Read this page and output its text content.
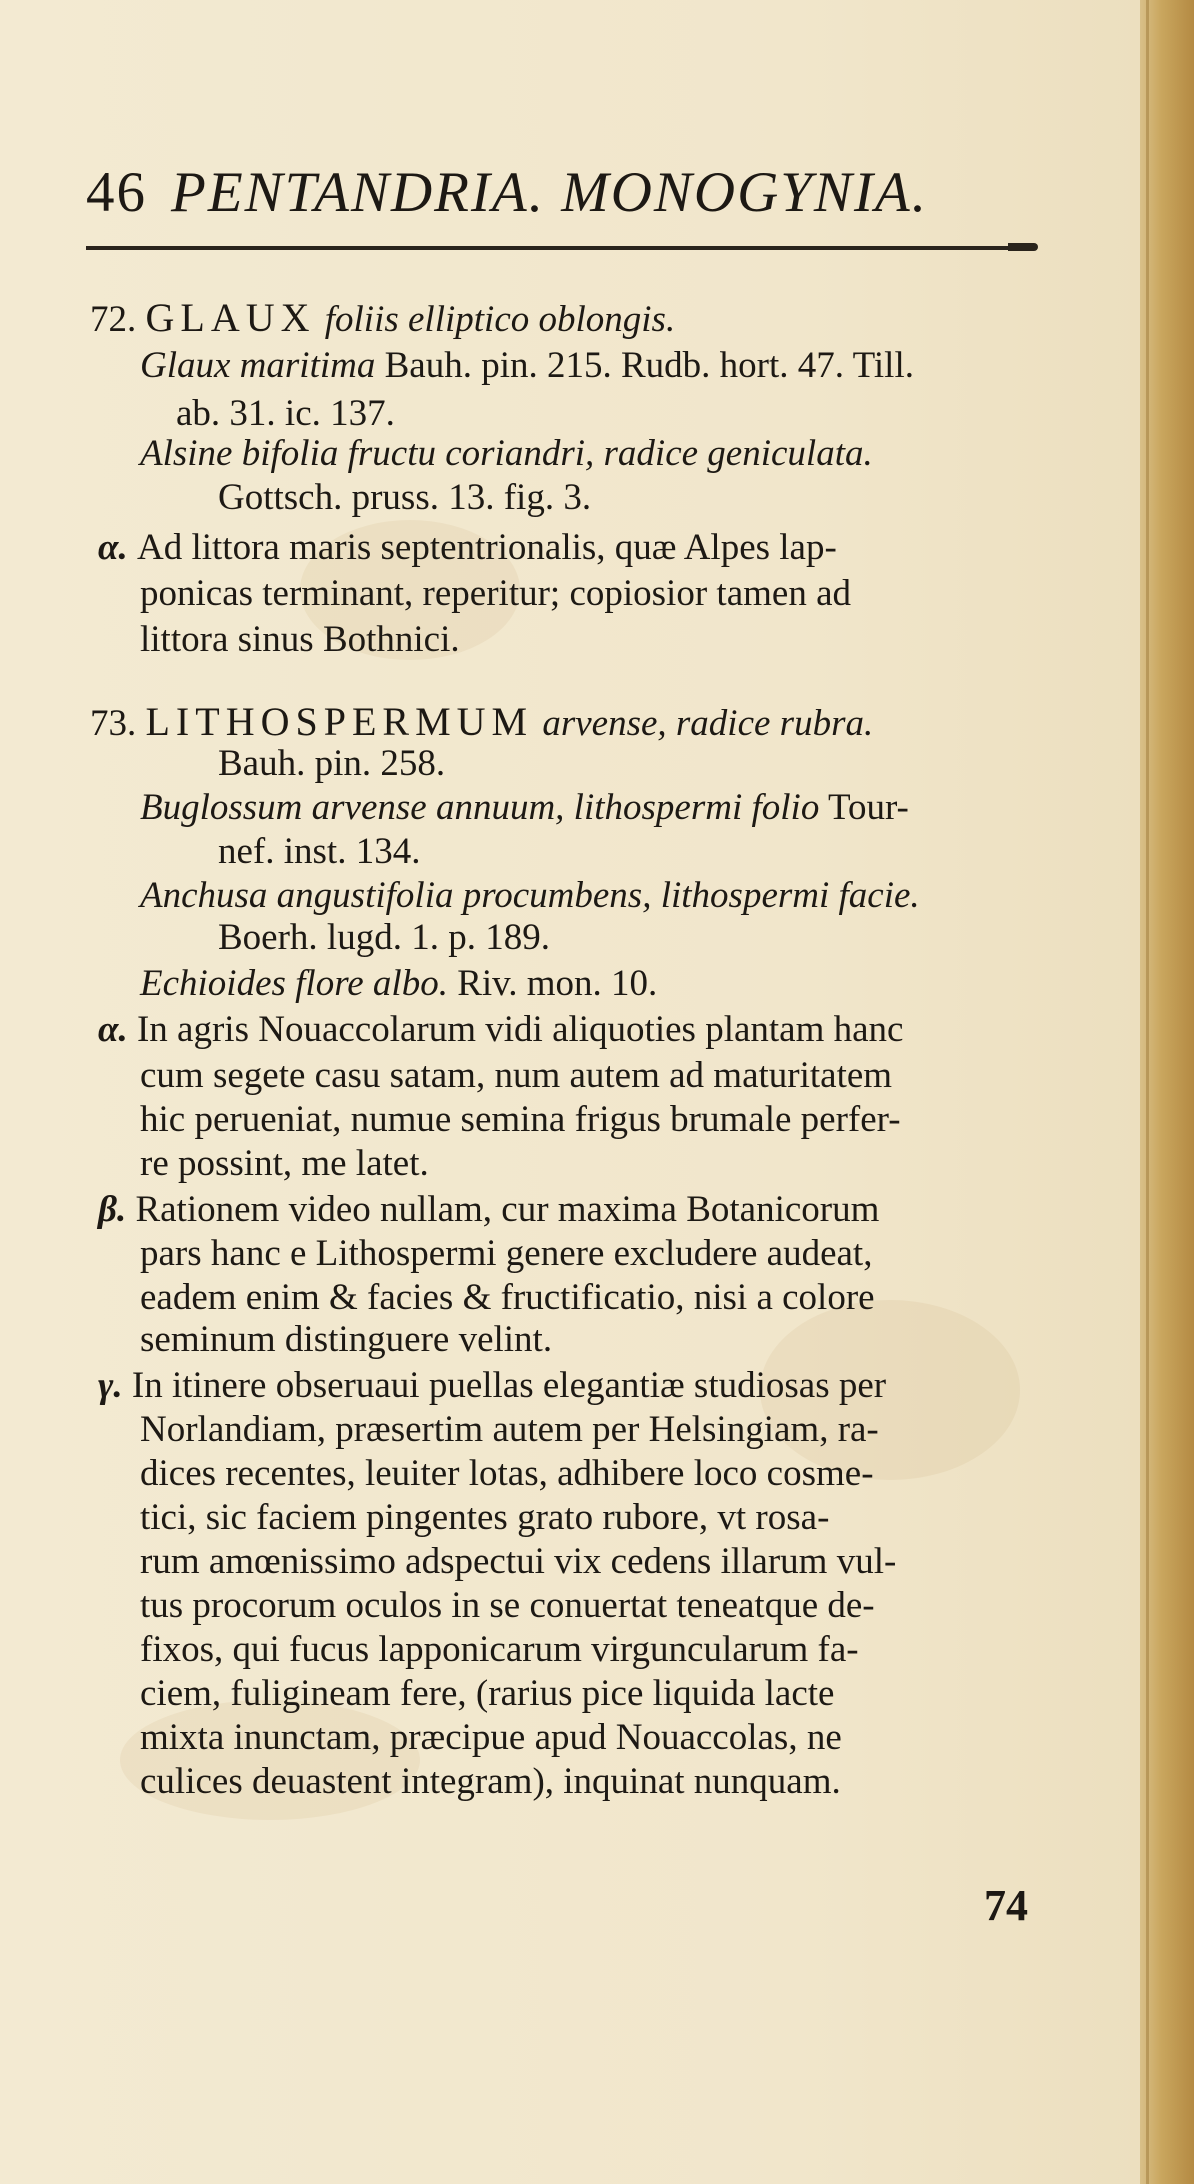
46 PENTANDRIA. MONOGYNIA.
72. GLAUX foliis elliptico oblongis.
Glaux maritima Bauh. pin. 215. Rudb. hort. 47. Till.
ab. 31. ic. 137.
Alsine bifolia fructu coriandri, radice geniculata.
Gottsch. pruss. 13. fig. 3.
α. Ad littora maris septentrionalis, quæ Alpes lap-
ponicas terminant, reperitur; copiosior tamen ad
littora sinus Bothnici.
73. LITHOSPERMUM arvense, radice rubra.
Bauh. pin. 258.
Buglossum arvense annuum, lithospermi folio Tour-
nef. inst. 134.
Anchusa angustifolia procumbens, lithospermi facie.
Boerh. lugd. 1. p. 189.
Echioides flore albo. Riv. mon. 10.
α. In agris Nouaccolarum vidi aliquoties plantam hanc
cum segete casu satam, num autem ad maturitatem
hic perueniat, numue semina frigus brumale perfer-
re possint, me latet.
β. Rationem video nullam, cur maxima Botanicorum
pars hanc e Lithospermi genere excludere audeat,
eadem enim & facies & fructificatio, nisi a colore
seminum distinguere velint.
γ. In itinere obseruaui puellas elegantiæ studiosas per
Norlandiam, præsertim autem per Helsingiam, ra-
dices recentes, leuiter lotas, adhibere loco cosme-
tici, sic faciem pingentes grato rubore, vt rosa-
rum amœnissimo adspectui vix cedens illarum vul-
tus procorum oculos in se conuertat teneatque de-
fixos, qui fucus lapponicarum virguncularum fa-
ciem, fuligineam fere, (rarius pice liquida lacte
mixta inunctam, præcipue apud Nouaccolas, ne
culices deuastent integram), inquinat nunquam.
74
